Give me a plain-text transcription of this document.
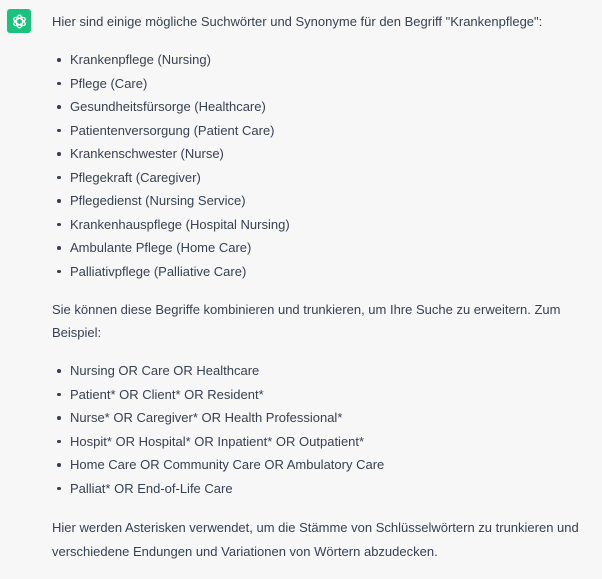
Hier sind einige mögliche Suchwörter und Synonyme für den Begriff "Krankenpflege":

Krankenpflege (Nursing)
Pflege (Care)
Gesundheitsfürsorge (Healthcare)
Patientenversorgung (Patient Care)
Krankenschwester (Nurse)
Pflegekraft (Caregiver)
Pflegedienst (Nursing Service)
Krankenhauspflege (Hospital Nursing)
Ambulante Pflege (Home Care)
Palliativpflege (Palliative Care)

Sie können diese Begriffe kombinieren und trunkieren, um Ihre Suche zu erweitern. Zum Beispiel:

Nursing OR Care OR Healthcare
Patient* OR Client* OR Resident*
Nurse* OR Caregiver* OR Health Professional*
Hospit* OR Hospital* OR Inpatient* OR Outpatient*
Home Care OR Community Care OR Ambulatory Care
Palliat* OR End-of-Life Care

Hier werden Asterisken verwendet, um die Stämme von Schlüsselwörtern zu trunkieren und verschiedene Endungen und Variationen von Wörtern abzudecken.
